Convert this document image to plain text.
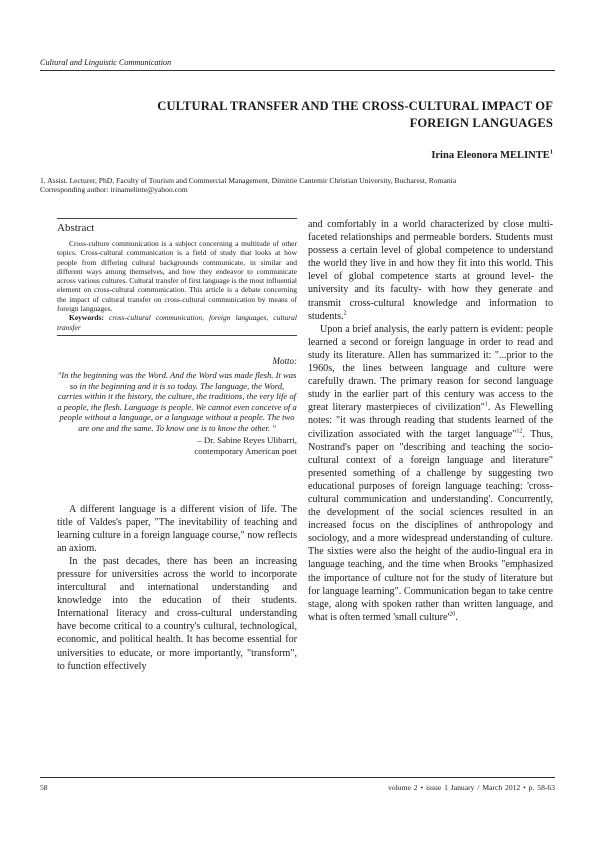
Cultural and Linguistic Communication
CULTURAL TRANSFER AND THE CROSS-CULTURAL IMPACT OF
FOREIGN LANGUAGES
Irina Eleonora MELINTE$^1$
1. Assist. Lecturer, PhD, Faculty of Tourism and Commercial Management, Dimitrie Cantemir Christian University, Bucharest, Romania
Corresponding author: irinamelinte@yahoo.com
Abstract

Cross-culture communication is a subject concerning a multitude of other topics. Cross-cultural communication is a field of study that looks at how people from differing cultural backgrounds communicate, in similar and different ways among themselves, and how they endeavor to communicate across various cultures. Cultural transfer of first language is the most influential element on cross-cultural communication. This article is a debate concerning the impact of cultural transfer on cross-cultural communication by means of foreign languages.

Keywords: cross-cultural communication, foreign languages, cultural transfer

Motto:
"In the beginning was the Word. And the Word was made flesh. It was so in the beginning and it is so today. The language, the Word, carries within it the history, the culture, the traditions, the very life of a people, the flesh. Language is people. We cannot even conceive of a people without a language, or a language without a people. The two are one and the same. To know one is to know the other. "
– Dr. Sabine Reyes Ulibarri,
contemporary American poet

A different language is a different vision of life. The title of Valdes's paper, "The inevitability of teaching and learning culture in a foreign language course," now reflects an axiom.

In the past decades, there has been an increasing pressure for universities across the world to incorporate intercultural and international understanding and knowledge into the education of their students. International literacy and cross-cultural understanding have become critical to a country's cultural, technological, economic, and political health. It has become essential for universities to educate, or more importantly, "transform", to function effectively

and comfortably in a world characterized by close multi-faceted relationships and permeable borders. Students must possess a certain level of global competence to understand the world they live in and how they fit into this world. This level of global competence starts at ground level- the university and its faculty- with how they generate and transmit cross-cultural knowledge and information to students.$^2$

Upon a brief analysis, the early pattern is evident: people learned a second or foreign language in order to read and study its literature. Allen has summarized it: "...prior to the 1960s, the lines between language and culture were carefully drawn. The primary reason for second language study in the earlier part of this century was access to the great literary masterpieces of civilization"$^1$. As Flewelling notes: "it was through reading that students learned of the civilization associated with the target language"$^{12}$. Thus, Nostrand's paper on "describing and teaching the socio-cultural context of a foreign language and literature" presented something of a challenge by suggesting two educational purposes of foreign language teaching: 'cross-cultural communication and understanding'. Concurrently, the development of the social sciences resulted in an increased focus on the disciplines of anthropology and sociology, and a more widespread understanding of culture. The sixties were also the height of the audio-lingual era in language teaching, and the time when Brooks "emphasized the importance of culture not for the study of literature but for language learning". Communication began to take centre stage, along with spoken rather than written language, and what is often termed 'small $culture'^{20}$.

58	volume 2 • issue 1 January / March 2012 • p. 58-63
